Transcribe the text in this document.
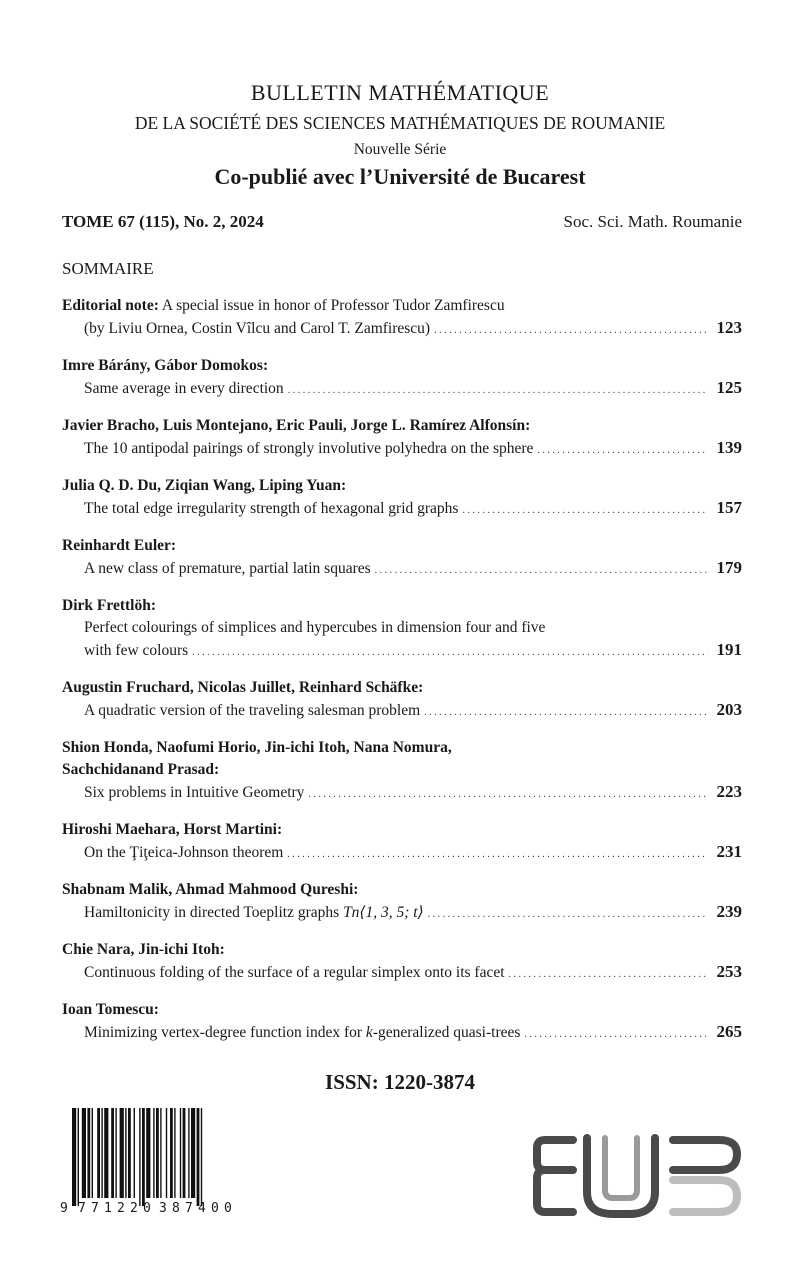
BULLETIN MATHÉMATIQUE
DE LA SOCIÉTÉ DES SCIENCES MATHÉMATIQUES DE ROUMANIE
Nouvelle Série
Co-publié avec l’Université de Bucarest
TOME 67 (115), No. 2, 2024	Soc. Sci. Math. Roumanie
SOMMAIRE
Editorial note: A special issue in honor of Professor Tudor Zamfirescu
(by Liviu Ornea, Costin Vîlcu and Carol T. Zamfirescu) . . .	123
Imre Bárány, Gábor Domokos:
Same average in every direction . . .	125
Javier Bracho, Luis Montejano, Eric Pauli, Jorge L. Ramírez Alfonsín:
The 10 antipodal pairings of strongly involutive polyhedra on the sphere . . .	139
Julia Q. D. Du, Ziqian Wang, Liping Yuan:
The total edge irregularity strength of hexagonal grid graphs . . .	157
Reinhardt Euler:
A new class of premature, partial latin squares . . .	179
Dirk Frettlöh:
Perfect colourings of simplices and hypercubes in dimension four and five
with few colours . . .	191
Augustin Fruchard, Nicolas Juillet, Reinhard Schäfke:
A quadratic version of the traveling salesman problem . . .	203
Shion Honda, Naofumi Horio, Jin-ichi Itoh, Nana Nomura,
Sachchidanand Prasad:
Six problems in Intuitive Geometry . . .	223
Hiroshi Maehara, Horst Martini:
On the Ţiţeica-Johnson theorem . . .	231
Shabnam Malik, Ahmad Mahmood Qureshi:
Hamiltonicity in directed Toeplitz graphs Tn⟨1, 3, 5; t⟩ . . .	239
Chie Nara, Jin-ichi Itoh:
Continuous folding of the surface of a regular simplex onto its facet . . .	253
Ioan Tomescu:
Minimizing vertex-degree function index for k-generalized quasi-trees . . .	265
ISSN: 1220-3874
9 7 7 1 2 2 0 3 8 7 4 0 0
